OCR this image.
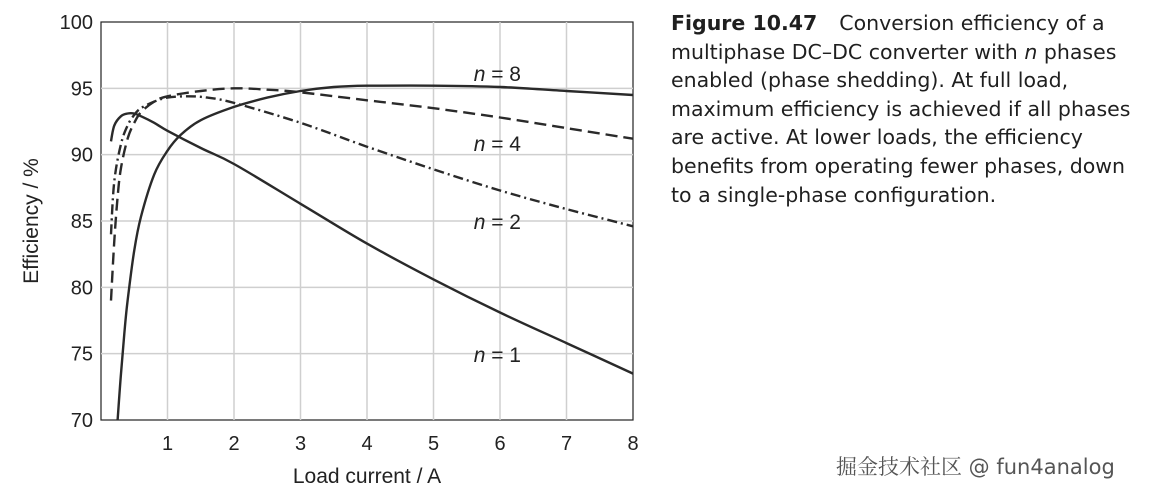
1	2	3	4	5	6	7	8
70
75
80
85
90
95
100
n = 1
n = 2
n = 4
n = 8
Load current / A
Efficiency / %
Figure 10.47 Conversion efficiency of a multiphase DC–DC converter with n phases enabled (phase shedding). At full load, maximum efficiency is achieved if all phases are active. At lower loads, the efficiency benefits from operating fewer phases, down to a single-phase configuration.
掘金技术社区 @ fun4analog
